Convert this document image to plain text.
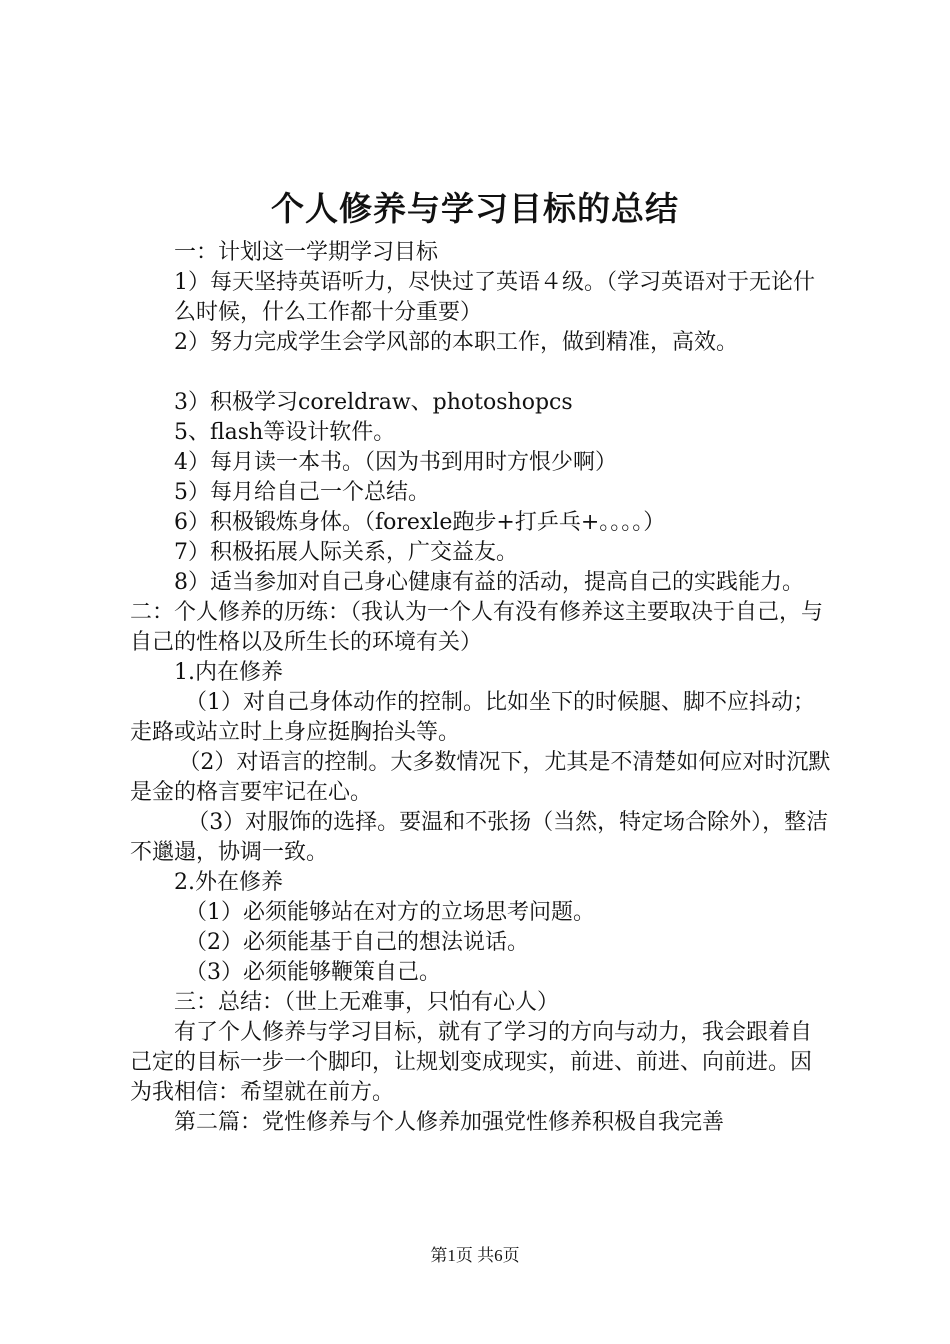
个人修养与学习目标的总结

一：计划这一学期学习目标

1）每天坚持英语听力，尽快过了英语４级。（学习英语对于无论什

么时候，什么工作都十分重要）

2）努力完成学生会学风部的本职工作，做到精准，高效。

3）积极学习coreldraw、photoshopcs

5、flash等设计软件。

4）每月读一本书。（因为书到用时方恨少啊）

5）每月给自己一个总结。

6）积极锻炼身体。（forexle跑步+打乒乓+。。。。）

7）积极拓展人际关系，广交益友。

8）适当参加对自己身心健康有益的活动，提高自己的实践能力。二：个人修养的历练：（我认为一个人有没有修养这主要取决于自己，与自己的性格以及所生长的环境有关）

1.内在修养

（1）对自己身体动作的控制。比如坐下的时候腿、脚不应抖动；走路或站立时上身应挺胸抬头等。

（2）对语言的控制。大多数情况下，尤其是不清楚如何应对时沉默是金的格言要牢记在心。

（3）对服饰的选择。要温和不张扬（当然，特定场合除外），整洁不邋遢，协调一致。

2.外在修养

（1）必须能够站在对方的立场思考问题。

（2）必须能基于自己的想法说话。

（3）必须能够鞭策自己。

三：总结：（世上无难事，只怕有心人）

有了个人修养与学习目标，就有了学习的方向与动力，我会跟着自己定的目标一步一个脚印，让规划变成现实，前进、前进、向前进。因为我相信：希望就在前方。

第二篇：党性修养与个人修养加强党性修养积极自我完善

第1页 共6页
